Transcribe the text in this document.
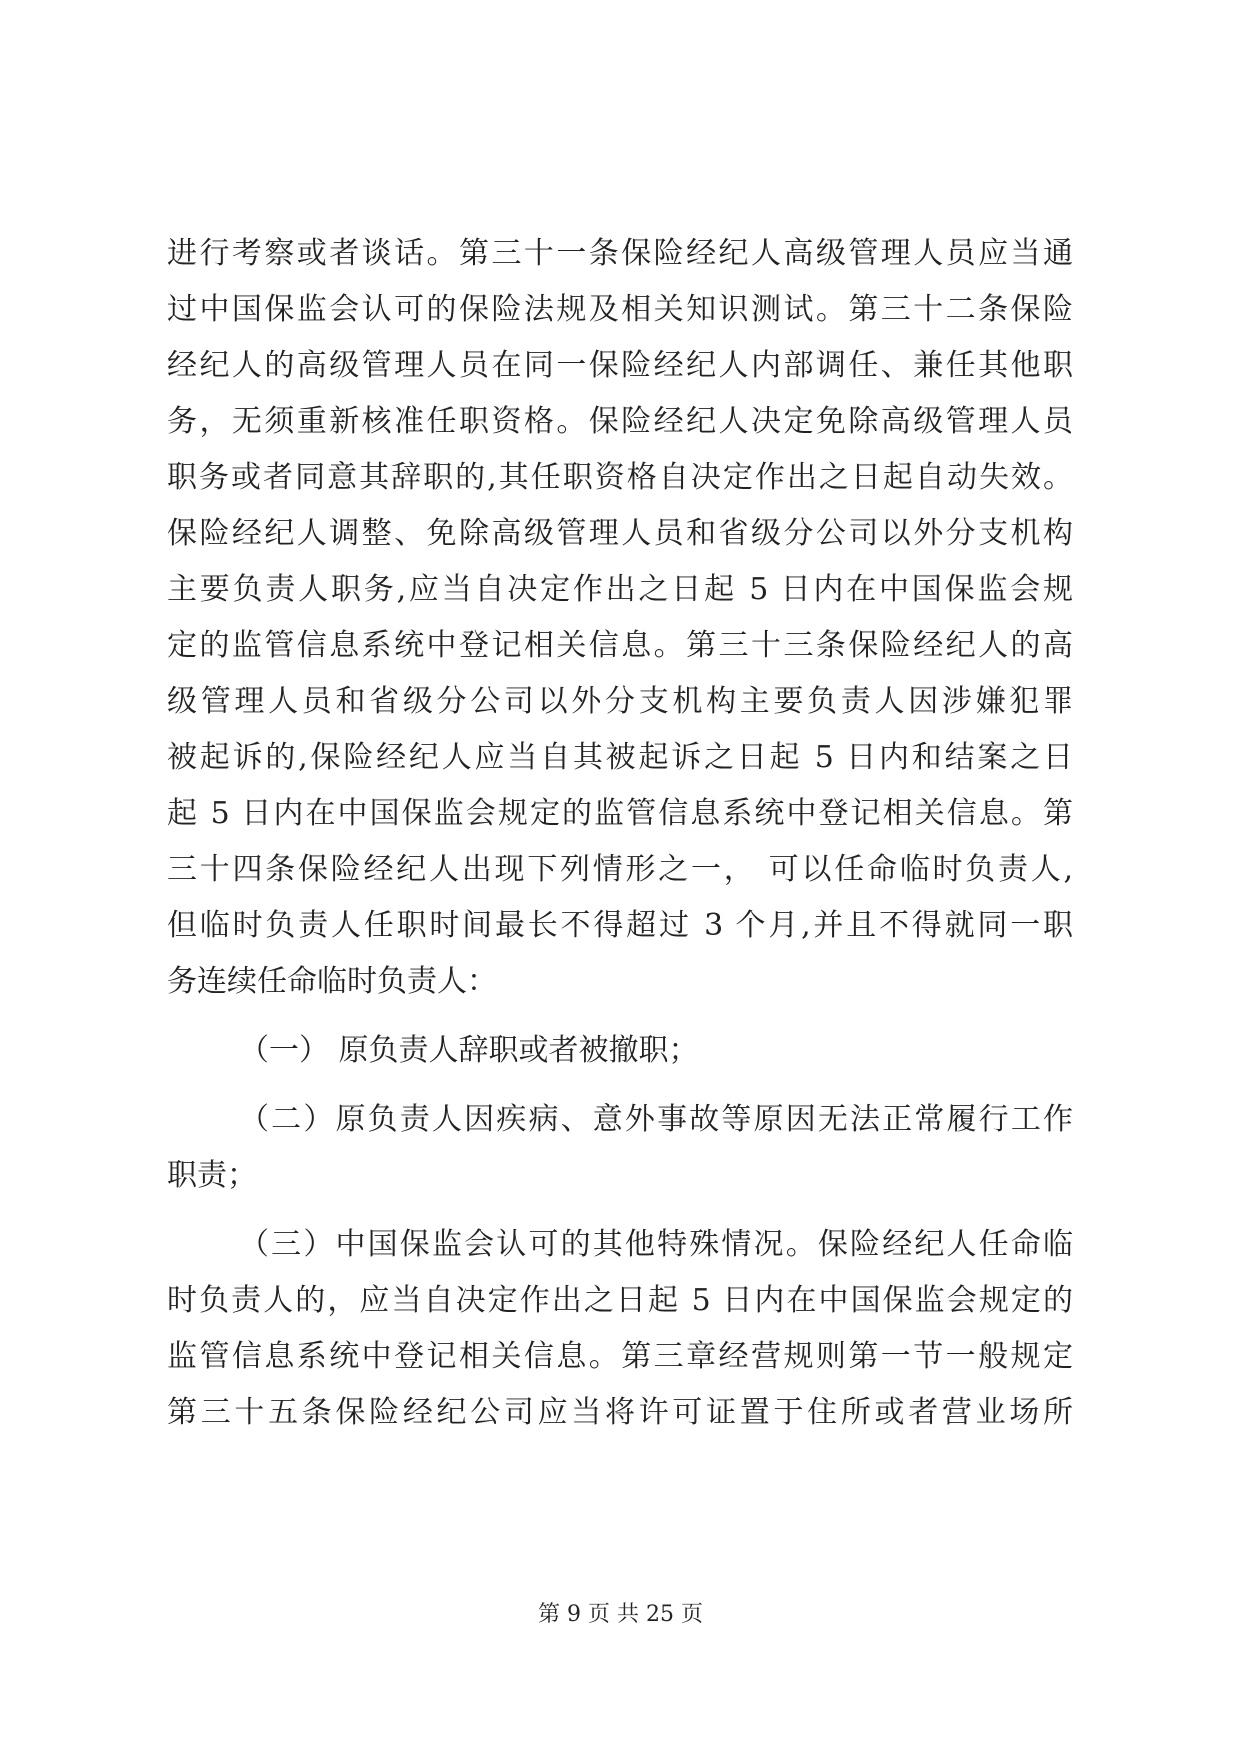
进行考察或者谈话。第三十一条保险经纪人高级管理人员应当通
过中国保监会认可的保险法规及相关知识测试。第三十二条保险
经纪人的高级管理人员在同一保险经纪人内部调任、兼任其他职
务，无须重新核准任职资格。保险经纪人决定免除高级管理人员
职务或者同意其辞职的,其任职资格自决定作出之日起自动失效。
保险经纪人调整、免除高级管理人员和省级分公司以外分支机构
主要负责人职务,应当自决定作出之日起 5 日内在中国保监会规
定的监管信息系统中登记相关信息。第三十三条保险经纪人的高
级管理人员和省级分公司以外分支机构主要负责人因涉嫌犯罪
被起诉的,保险经纪人应当自其被起诉之日起 5 日内和结案之日
起 5 日内在中国保监会规定的监管信息系统中登记相关信息。第
三十四条保险经纪人出现下列情形之一， 可以任命临时负责人,
但临时负责人任职时间最长不得超过 3 个月,并且不得就同一职
务连续任命临时负责人：
（一） 原负责人辞职或者被撤职；
（二）原负责人因疾病、意外事故等原因无法正常履行工作
职责；
（三）中国保监会认可的其他特殊情况。保险经纪人任命临
时负责人的，应当自决定作出之日起 5 日内在中国保监会规定的
监管信息系统中登记相关信息。第三章经营规则第一节一般规定
第三十五条保险经纪公司应当将许可证置于住所或者营业场所
第 9 页 共 25 页
